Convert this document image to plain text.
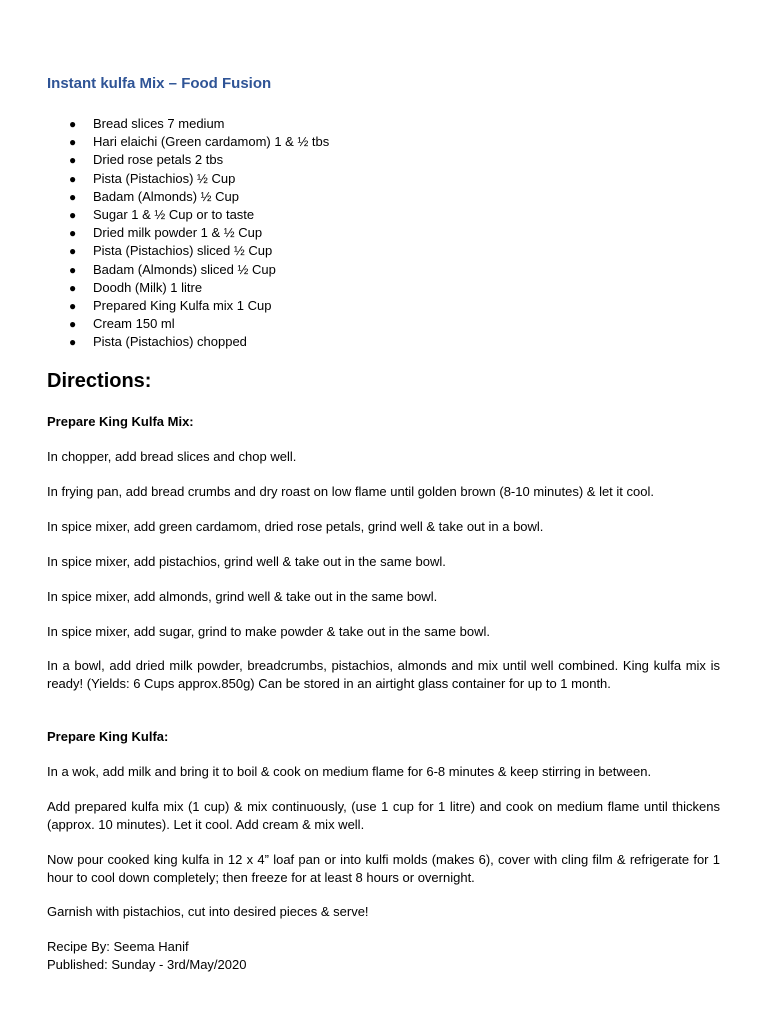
Instant kulfa Mix – Food Fusion
● Bread slices 7 medium
● Hari elaichi (Green cardamom) 1 & ½ tbs
● Dried rose petals 2 tbs
● Pista (Pistachios) ½ Cup
● Badam (Almonds) ½ Cup
● Sugar 1 & ½ Cup or to taste
● Dried milk powder 1 & ½ Cup
● Pista (Pistachios) sliced ½ Cup
● Badam (Almonds) sliced ½ Cup
● Doodh (Milk) 1 litre
● Prepared King Kulfa mix 1 Cup
● Cream 150 ml
● Pista (Pistachios) chopped
Directions:
Prepare King Kulfa Mix:
In chopper, add bread slices and chop well.
In frying pan, add bread crumbs and dry roast on low flame until golden brown (8-10 minutes) & let it cool.
In spice mixer, add green cardamom, dried rose petals, grind well & take out in a bowl.
In spice mixer, add pistachios, grind well & take out in the same bowl.
In spice mixer, add almonds, grind well & take out in the same bowl.
In spice mixer, add sugar, grind to make powder & take out in the same bowl.
In a bowl, add dried milk powder, breadcrumbs, pistachios, almonds and mix until well combined. King kulfa mix is ready! (Yields: 6 Cups approx.850g) Can be stored in an airtight glass container for up to 1 month.
Prepare King Kulfa:
In a wok, add milk and bring it to boil & cook on medium flame for 6-8 minutes & keep stirring in between.
Add prepared kulfa mix (1 cup) & mix continuously, (use 1 cup for 1 litre) and cook on medium flame until thickens (approx. 10 minutes). Let it cool. Add cream & mix well.
Now pour cooked king kulfa in 12 x 4” loaf pan or into kulfi molds (makes 6), cover with cling film & refrigerate for 1 hour to cool down completely; then freeze for at least 8 hours or overnight.
Garnish with pistachios, cut into desired pieces & serve!
Recipe By: Seema Hanif
Published: Sunday - 3rd/May/2020
